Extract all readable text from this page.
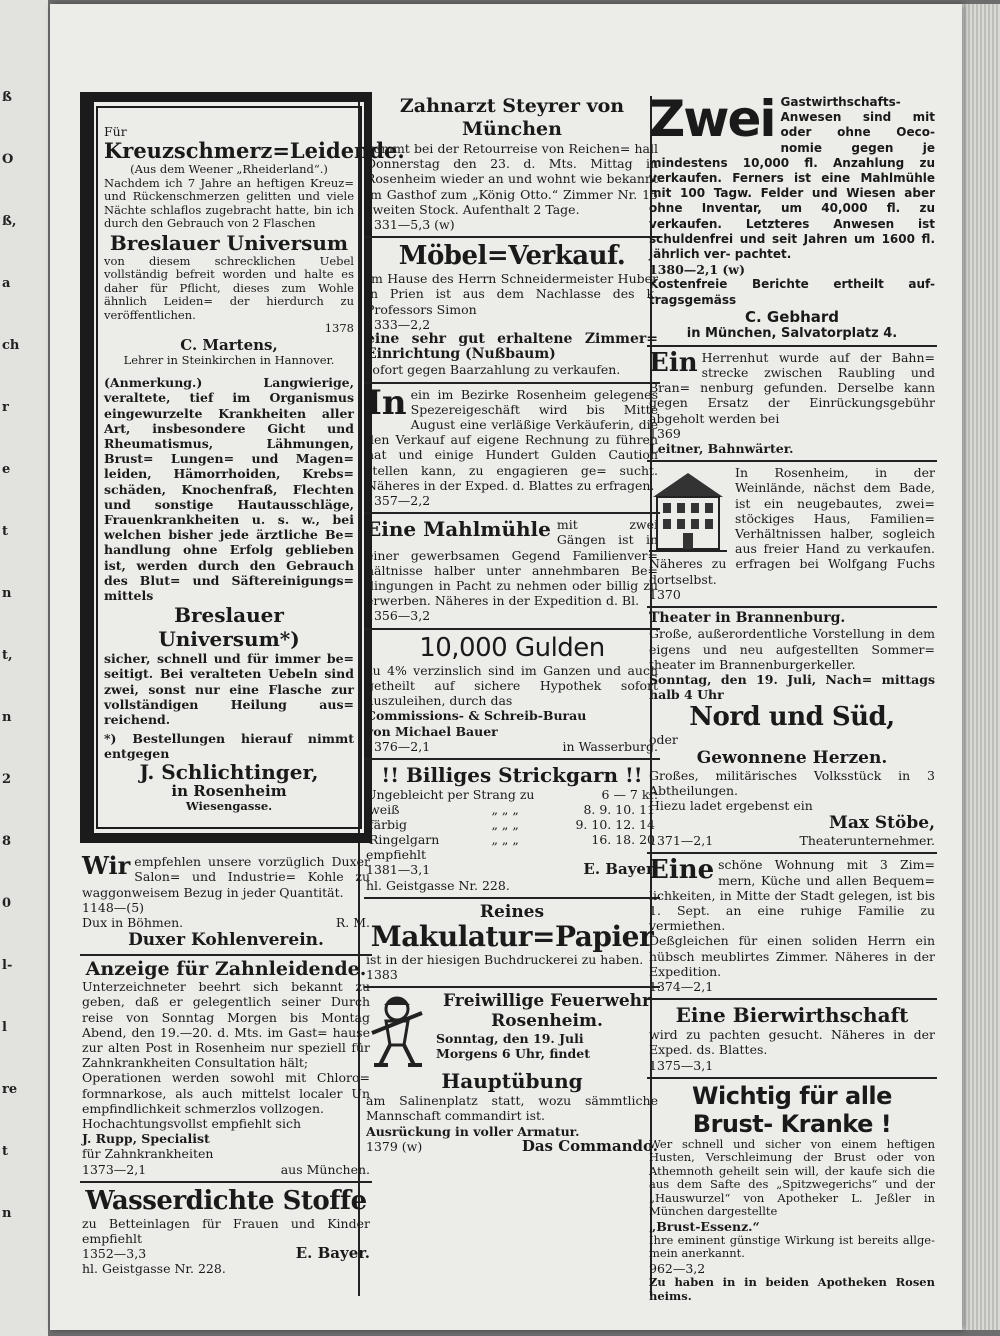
ß
O
ß,
a
ch
r
e
t
n
t,
n
2
8
0
l-
l
re
t
n

Für

Kreuzschmerz=Leidende.

(Aus dem Weener „Rheiderland“.)

Nachdem ich 7 Jahre an heftigen Kreuz= und Rückenschmerzen gelitten und viele Nächte schlaflos zugebracht hatte, bin ich durch den Gebrauch von 2 Flaschen

Breslauer Universum

von diesem schrecklichen Uebel vollständig befreit worden und halte es daher für Pflicht, dieses zum Wohle ähnlich Leiden= der hierdurch zu veröffentlichen.

1378

C. Martens,

Lehrer in Steinkirchen in Hannover.

(Anmerkung.) Langwierige, veraltete, tief im Organismus eingewurzelte Krankheiten aller Art, insbesondere Gicht und Rheumatismus, Lähmungen, Brust= Lungen= und Magen= leiden, Hämorrhoiden, Krebs= schäden, Knochenfraß, Flechten und sonstige Hautausschläge, Frauenkrankheiten u. s. w., bei welchen bisher jede ärztliche Be= handlung ohne Erfolg geblieben ist, werden durch den Gebrauch des Blut= und Säftereinigungs= mittels

Breslauer Universum*)

sicher, schnell und für immer be= seitigt. Bei veralteten Uebeln sind zwei, sonst nur eine Flasche zur vollständigen Heilung aus= reichend.

*) Bestellungen hierauf nimmt entgegen

J. Schlichtinger,

in Rosenheim

Wiesengasse.

Wir empfehlen unsere vorzüglich Duxer Salon= und Industrie= Kohle zu waggonweisem Bezug in jeder Quantität.

1148—(5)

Dux in Böhmen.	R. M.

Duxer Kohlenverein.

Anzeige für Zahnleidende.

Unterzeichneter beehrt sich bekannt zu geben, daß er gelegentlich seiner Durch reise von Sonntag Morgen bis Montag Abend, den 19.—20. d. Mts. im Gast= hause zur alten Post in Rosenheim nur speziell für Zahnkrankheiten Consultation hält;

Operationen werden sowohl mit Chloro= formnarkose, als auch mittelst localer Un empfindlichkeit schmerzlos vollzogen.

Hochachtungsvollst empfiehlt sich

J. Rupp, Specialist

für Zahnkrankheiten

1373—2,1	aus München.

Wasserdichte Stoffe

zu Betteinlagen für Frauen und Kinder empfiehlt

1352—3,3	E. Bayer.

hl. Geistgasse Nr. 228.

Zahnarzt Steyrer von München

kommt bei der Retourreise von Reichen= hall Donnerstag den 23. d. Mts. Mittag in Rosenheim wieder an und wohnt wie bekannt im Gasthof zum „König Otto.“ Zimmer Nr. 15 zweiten Stock. Aufenthalt 2 Tage.

1331—5,3 (w)

Möbel=Verkauf.

Im Hause des Herrn Schneidermeister Huber in Prien ist aus dem Nachlasse des k. Professors Simon

1333—2,2

eine sehr gut erhaltene Zimmer= Einrichtung (Nußbaum)

sofort gegen Baarzahlung zu verkaufen.

In ein im Bezirke Rosenheim gelegenes Spezereigeschäft wird bis Mitte August eine verläßige Verkäuferin, die den Verkauf auf eigene Rechnung zu führen hat und einige Hundert Gulden Caution stellen kann, zu engagieren ge= sucht. Näheres in der Exped. d. Blattes zu erfragen.

1357—2,2

Eine Mahlmühle mit zwei Gängen ist in einer gewerbsamen Gegend Familienver= hältnisse halber unter annehmbaren Be= dingungen in Pacht zu nehmen oder billig zu erwerben. Näheres in der Expedition d. Bl.

1356—3,2

10,000 Gulden

zu 4% verzinslich sind im Ganzen und auch getheilt auf sichere Hypothek sofort auszuleihen, durch das

Commissions- & Schreib-Burau

von Michael Bauer

1376—2,1	in Wasserburg.

!! Billiges Strickgarn !!

Ungebleicht per Strang zu	6 — 7 kr.
weiß	„ „ „	8. 9. 10. 11
färbig	„ „ „	9. 10. 12. 14
Ringelgarn	„ „ „	16. 18. 20

empfiehlt

1381—3,1	E. Bayer,

hl. Geistgasse Nr. 228.

Reines

Makulatur=Papier

ist in der hiesigen Buchdruckerei zu haben.

1383

Freiwillige Feuerwehr

Rosenheim.

Sonntag, den 19. Juli

Morgens 6 Uhr, findet

Hauptübung

am Salinenplatz statt, wozu sämmtliche Mannschaft commandirt ist.

Ausrückung in voller Armatur.

1379 (w)	Das Commando.
Zwei Gastwirthschafts-Anwesen sind mit oder ohne Oeco- nomie gegen je mindestens 10,000 fl. Anzahlung zu verkaufen. Ferners ist eine Mahlmühle mit 100 Tagw. Felder und Wiesen aber ohne Inventar, um 40,000 fl. zu verkaufen. Letzteres Anwesen ist schuldenfrei und seit Jahren um 1600 fl. jährlich ver- pachtet.

1380—2,1 (w)

Kostenfreie Berichte ertheilt auf- tragsgemäss

C. Gebhard

in München, Salvatorplatz 4.

Ein Herrenhut wurde auf der Bahn= strecke zwischen Raubling und Bran= nenburg gefunden. Derselbe kann gegen Ersatz der Einrückungsgebühr abgeholt werden bei

1369

Leitner, Bahnwärter.

In Rosenheim, in der Weinlände, nächst dem Bade, ist ein neugebautes, zwei= stöckiges Haus, Familien= Verhältnissen halber, sogleich aus freier Hand zu verkaufen. Näheres zu erfragen bei Wolfgang Fuchs dortselbst.

1370

Theater in Brannenburg.

Große, außerordentliche Vorstellung in dem eigens und neu aufgestellten Sommer= theater im Brannenburgerkeller.

Sonntag, den 19. Juli, Nach= mittags halb 4 Uhr

Nord und Süd,

oder

Gewonnene Herzen.

Großes, militärisches Volksstück in 3 Abtheilungen.

Hiezu ladet ergebenst ein

Max Stöbe,

1371—2,1	Theaterunternehmer.
Eine schöne Wohnung mit 3 Zim= mern, Küche und allen Bequem= lichkeiten, in Mitte der Stadt gelegen, ist bis 1. Sept. an eine ruhige Familie zu vermiethen.

Deßgleichen für einen soliden Herrn ein hübsch meublirtes Zimmer. Näheres in der Expedition.

1374—2,1

Eine Bierwirthschaft

wird zu pachten gesucht. Näheres in der Exped. ds. Blattes.

1375—3,1

Wichtig für alle Brust- Kranke !

Wer schnell und sicher von einem heftigen Husten, Verschleimung der Brust oder von Athemnoth geheilt sein will, der kaufe sich die aus dem Safte des „Spitzwegerichs“ und der „Hauswurzel“ von Apotheker L. Jeßler in München dargestellte

„Brust-Essenz.“

Ihre eminent günstige Wirkung ist bereits allge- mein anerkannt.

962—3,2

Zu haben in in beiden Apotheken Rosen heims.
